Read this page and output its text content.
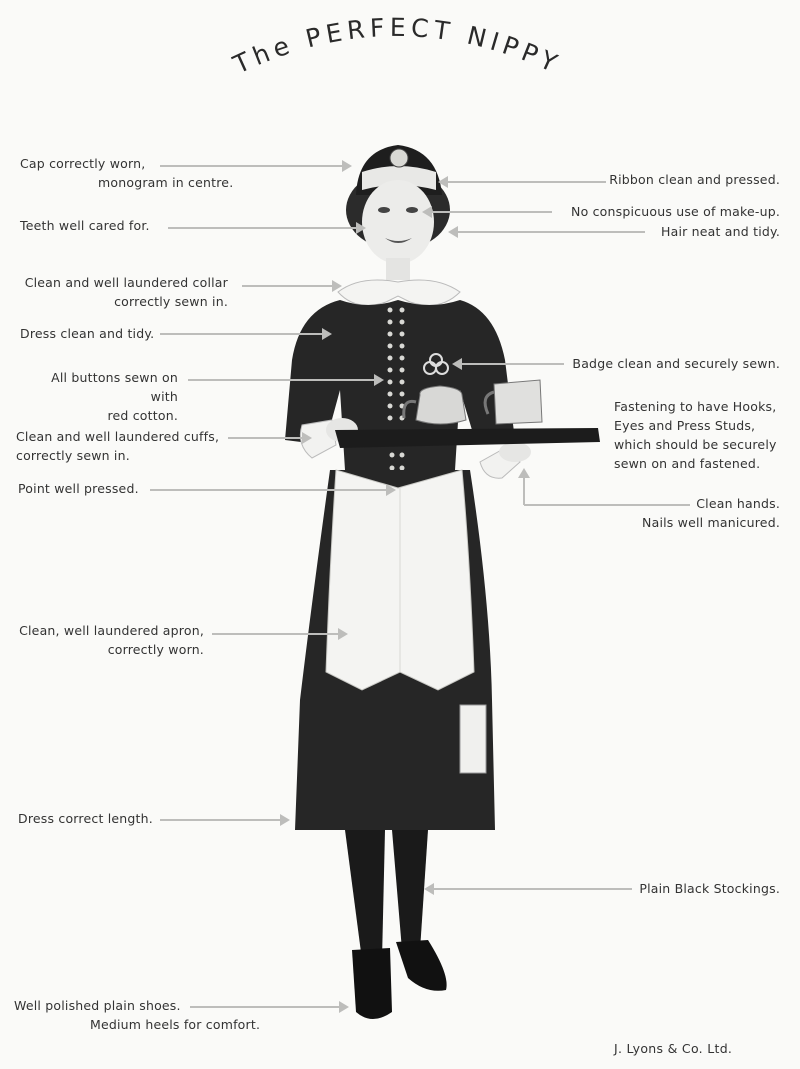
The PERFECT NIPPY
Cap correctly worn,
monogram in centre.
Teeth well cared for.
Clean and well laundered collar
correctly sewn in.
Dress clean and tidy.
All buttons sewn on with
red cotton.
Clean and well laundered cuffs,
correctly sewn in.
Point well pressed.
Clean, well laundered apron,
correctly worn.
Dress correct length.
Well polished plain shoes.
Medium heels for comfort.
Ribbon clean and pressed.
No conspicuous use of make-up.
Hair neat and tidy.
Badge clean and securely sewn.
Fastening to have Hooks,
Eyes and Press Studs,
which should be securely
sewn on and fastened.
Clean hands.
Nails well manicured.
Plain Black Stockings.
J. Lyons & Co. Ltd.
